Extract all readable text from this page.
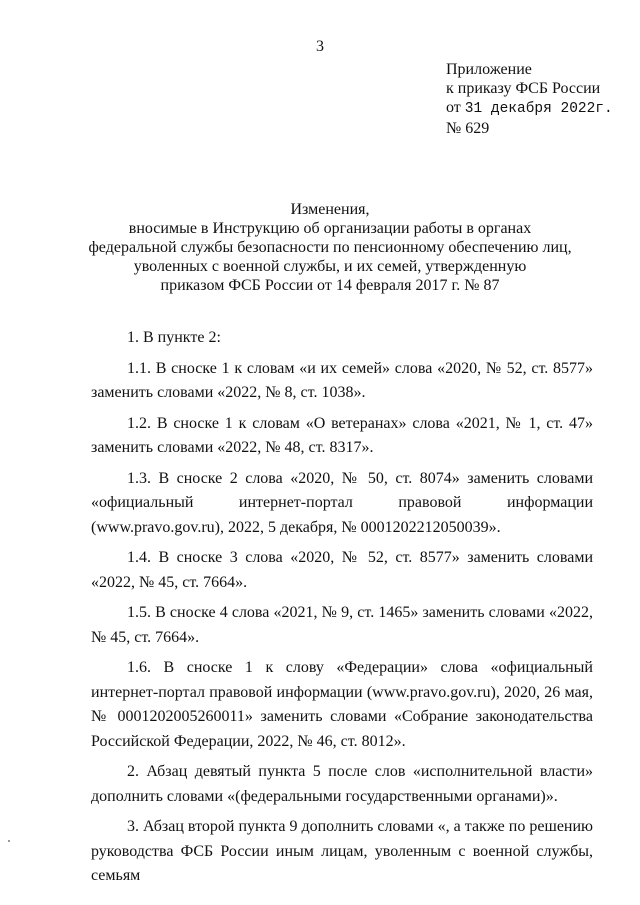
3
Приложение
к приказу ФСБ России
от 31 декабря 2022г.
№ 629
Изменения,
вносимые в Инструкцию об организации работы в органах
федеральной службы безопасности по пенсионному обеспечению лиц,
уволенных с военной службы, и их семей, утвержденную
приказом ФСБ России от 14 февраля 2017 г. № 87

1. В пункте 2:

1.1. В сноске 1 к словам «и их семей» слова «2020, № 52, ст. 8577» заменить словами «2022, № 8, ст. 1038».

1.2. В сноске 1 к словам «О ветеранах» слова «2021, № 1, ст. 47» заменить словами «2022, № 48, ст. 8317».

1.3. В сноске 2 слова «2020, № 50, ст. 8074» заменить словами «официальный интернет-портал правовой информации (www.pravo.gov.ru), 2022, 5 декабря, № 0001202212050039».

1.4. В сноске 3 слова «2020, № 52, ст. 8577» заменить словами «2022, № 45, ст. 7664».

1.5. В сноске 4 слова «2021, № 9, ст. 1465» заменить словами «2022, № 45, ст. 7664».

1.6. В сноске 1 к слову «Федерации» слова «официальный интернет-портал правовой информации (www.pravo.gov.ru), 2020, 26 мая, № 0001202005260011» заменить словами «Собрание законодательства Российской Федерации, 2022, № 46, ст. 8012».

2. Абзац девятый пункта 5 после слов «исполнительной власти» дополнить словами «(федеральными государственными органами)».

3. Абзац второй пункта 9 дополнить словами «, а также по решению руководства ФСБ России иным лицам, уволенным с военной службы, семьям
